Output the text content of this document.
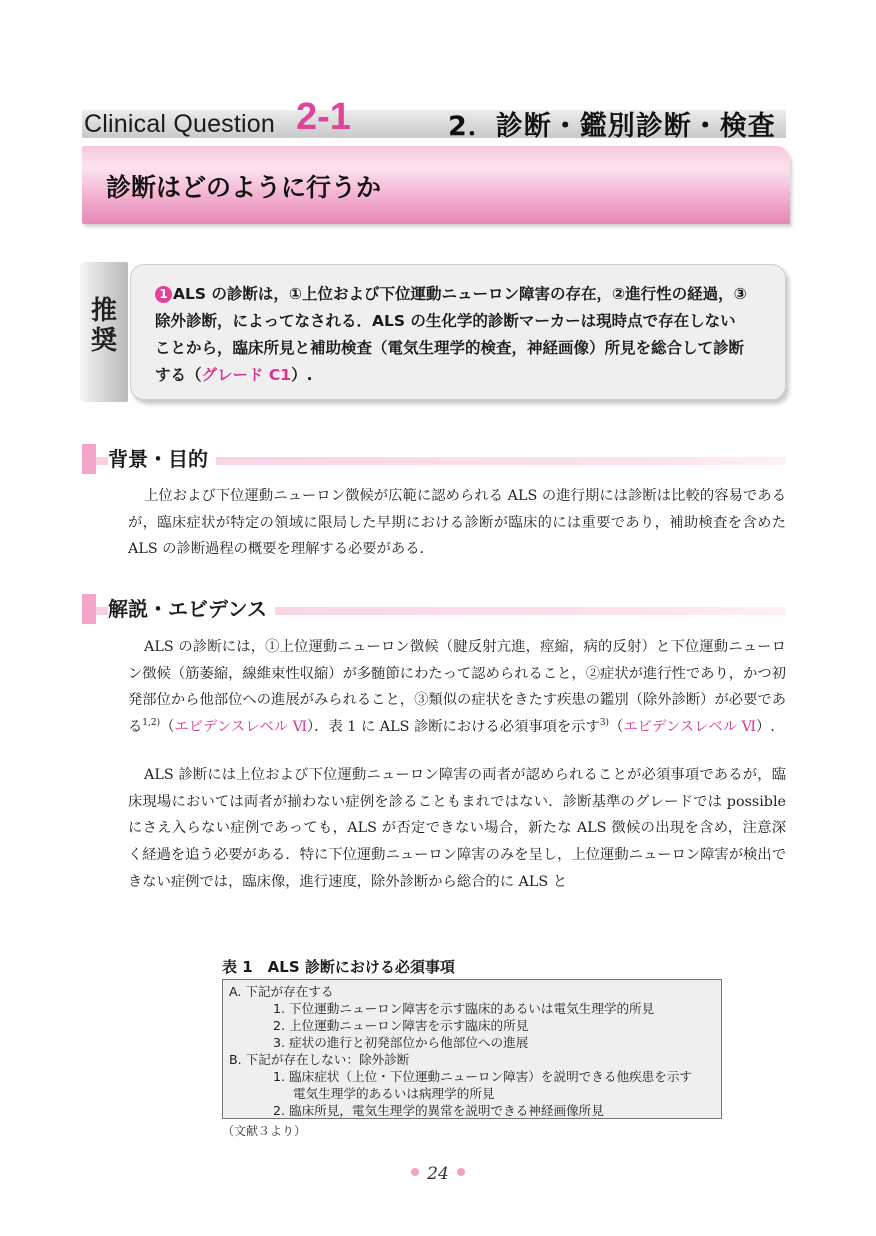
Clinical Question 2-1	2．診断・鑑別診断・検査
診断はどのように行うか
推奨
1 ALS の診断は，①上位および下位運動ニューロン障害の存在，②進行性の経過，③
除外診断，によってなされる．ALS の生化学的診断マーカーは現時点で存在しない
ことから，臨床所見と補助検査（電気生理学的検査，神経画像）所見を総合して診断
する（グレード C1）.
背景・目的
上位および下位運動ニューロン徴候が広範に認められる ALS の進行期には診断は比較的容易であるが，臨床症状が特定の領域に限局した早期における診断が臨床的には重要であり，補助検査を含めた ALS の診断過程の概要を理解する必要がある．
解説・エビデンス
ALS の診断には，①上位運動ニューロン徴候（腱反射亢進，痙縮，病的反射）と下位運動ニューロン徴候（筋萎縮，線維束性収縮）が多髄節にわたって認められること，②症状が進行性であり，かつ初発部位から他部位への進展がみられること，③類似の症状をきたす疾患の鑑別（除外診断）が必要である$^{1,2)}$（エビデンスレベル Ⅵ）．表 1 に ALS 診断における必須事項を示す$^{3)}$（エビデンスレベル Ⅵ）.
ALS 診断には上位および下位運動ニューロン障害の両者が認められることが必須事項であるが，臨床現場においては両者が揃わない症例を診ることもまれではない．診断基準のグレードでは possible にさえ入らない症例であっても，ALS が否定できない場合，新たな ALS 徴候の出現を含め，注意深く経過を追う必要がある．特に下位運動ニューロン障害のみを呈し，上位運動ニューロン障害が検出できない症例では，臨床像，進行速度，除外診断から総合的に ALS と
表 1　ALS 診断における必須事項
A. 下記が存在する
1. 下位運動ニューロン障害を示す臨床的あるいは電気生理学的所見
2. 上位運動ニューロン障害を示す臨床的所見
3. 症状の進行と初発部位から他部位への進展
B. 下記が存在しない：除外診断
1. 臨床症状（上位・下位運動ニューロン障害）を説明できる他疾患を示す
電気生理学的あるいは病理学的所見
2. 臨床所見，電気生理学的異常を説明できる神経画像所見
（文献３より）
24
